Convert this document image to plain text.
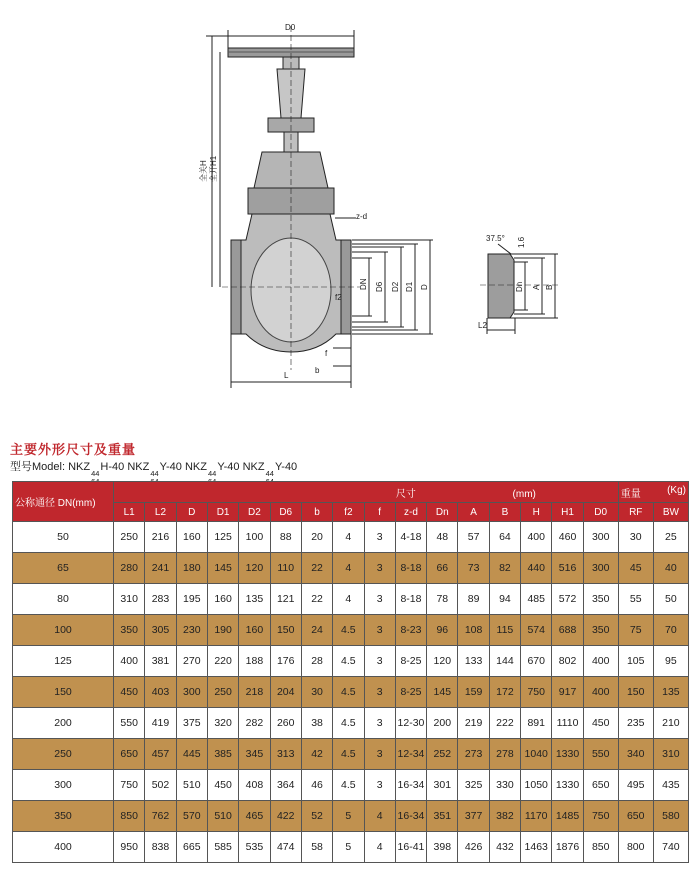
D0
全关H 全开H1
z-d
DN D6 D2 D1 D
f2
f
b
L
37.5° 1.6
Dn A B
L2
主要外形尺寸及重量
型号Model: NKZ
44
H-40 NKZ
44
Y-40 NKZ
44
Y-40 NKZ
44
Y-40
公称通径 DN(mm)	尺寸 (mm)																重量 (Kg)	

	L1	L2	D	D1	D2	D6	b	f2	f	z-d	Dn	A	B	H	H1	D0	RF	BW
50	250	216	160	125	100	88	20	4	3	4-18	48	57	64	400	460	300	30	25
65	280	241	180	145	120	110	22	4	3	8-18	66	73	82	440	516	300	45	40
80	310	283	195	160	135	121	22	4	3	8-18	78	89	94	485	572	350	55	50
100	350	305	230	190	160	150	24	4.5	3	8-23	96	108	115	574	688	350	75	70
125	400	381	270	220	188	176	28	4.5	3	8-25	120	133	144	670	802	400	105	95
150	450	403	300	250	218	204	30	4.5	3	8-25	145	159	172	750	917	400	150	135
200	550	419	375	320	282	260	38	4.5	3	12-30	200	219	222	891	1110	450	235	210
250	650	457	445	385	345	313	42	4.5	3	12-34	252	273	278	1040	1330	550	340	310
300	750	502	510	450	408	364	46	4.5	3	16-34	301	325	330	1050	1330	650	495	435
350	850	762	570	510	465	422	52	5	4	16-34	351	377	382	1170	1485	750	650	580
400	950	838	665	585	535	474	58	5	4	16-41	398	426	432	1463	1876	850	800	740
